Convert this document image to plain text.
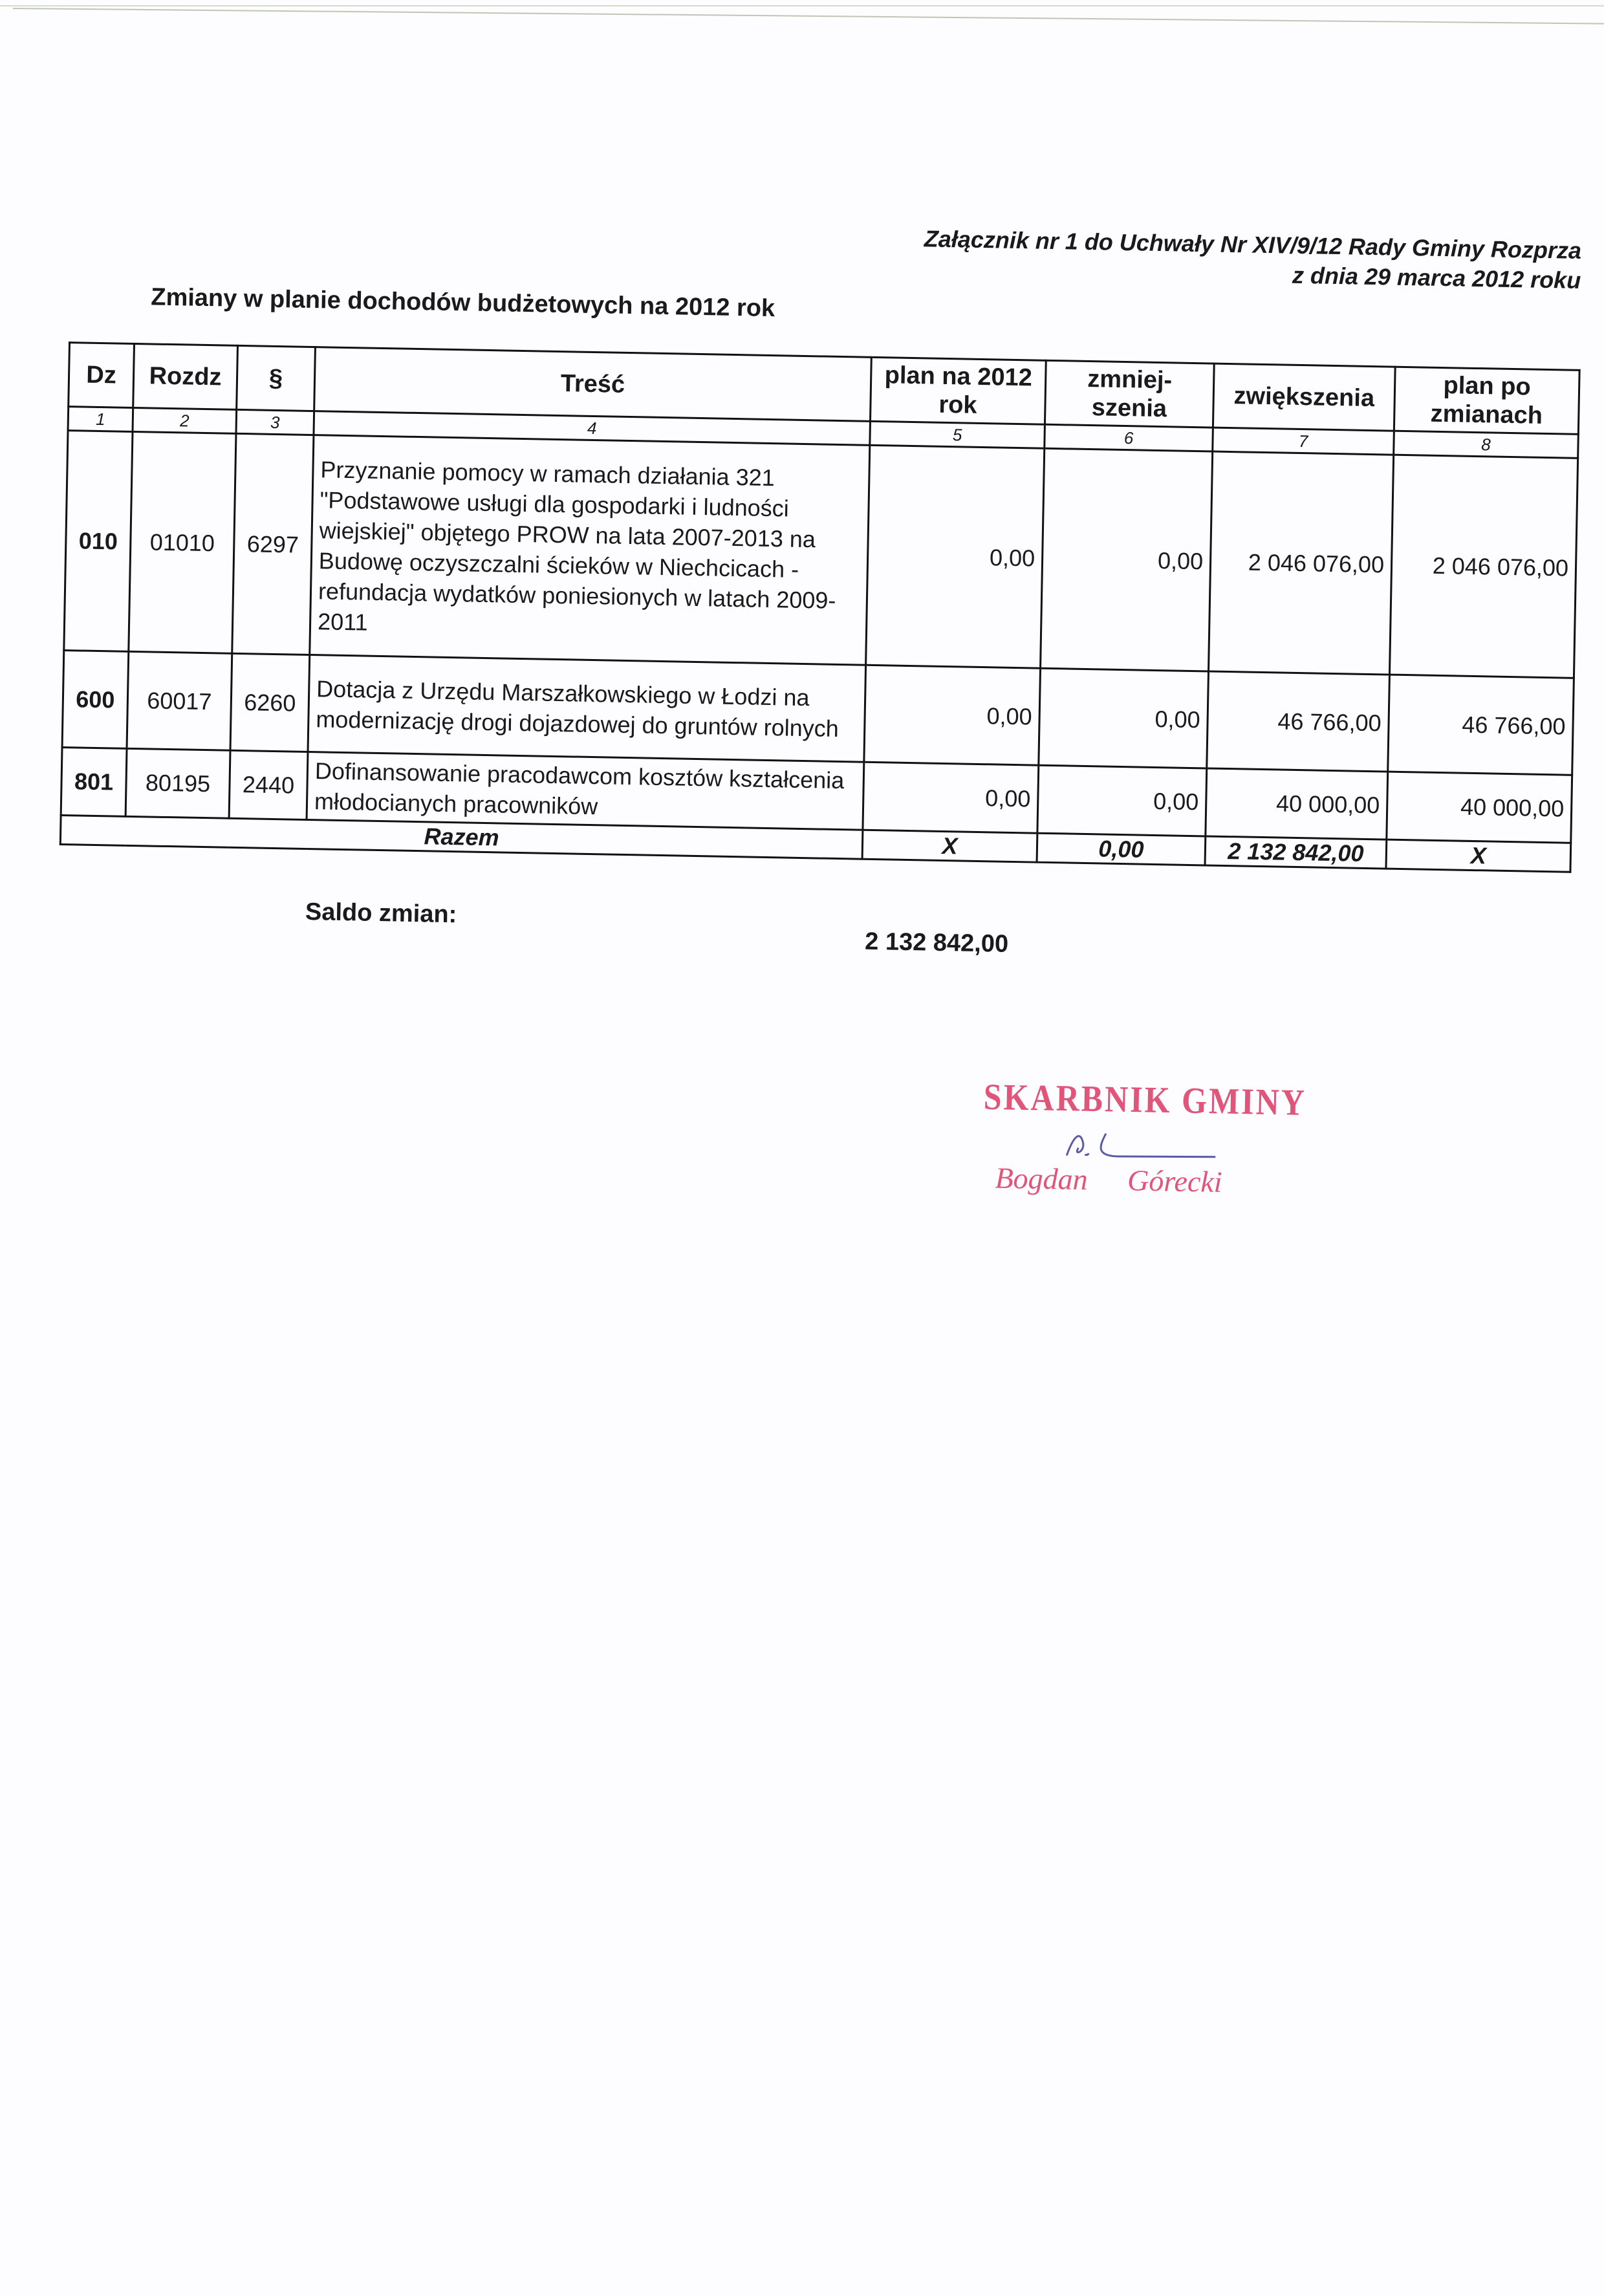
Załącznik nr 1 do Uchwały Nr XIV/9/12 Rady Gminy Rozprza
z dnia 29 marca 2012 roku
Zmiany w planie dochodów budżetowych na 2012 rok
Dz	Rozdz	§	Treść	plan na 2012 rok	zmniej-szenia	zwiększenia	plan po zmianach
1	2	3	4	5	6	7	8
010	01010	6297	Przyznanie pomocy w ramach działania 321 "Podstawowe usługi dla gospodarki i ludności wiejskiej" objętego PROW na lata 2007-2013 na Budowę oczyszczalni ścieków w Niechcicach - refundacja wydatków poniesionych w latach 2009-2011	0,00	0,00	2 046 076,00	2 046 076,00
600	60017	6260	Dotacja z Urzędu Marszałkowskiego w Łodzi na modernizację drogi dojazdowej do gruntów rolnych	0,00	0,00	46 766,00	46 766,00
801	80195	2440	Dofinansowanie pracodawcom kosztów kształcenia młodocianych pracowników	0,00	0,00	40 000,00	40 000,00
Razem				X	0,00	2 132 842,00	X
Saldo zmian:
2 132 842,00
SKARBNIK GMINY
Bogdan Górecki
